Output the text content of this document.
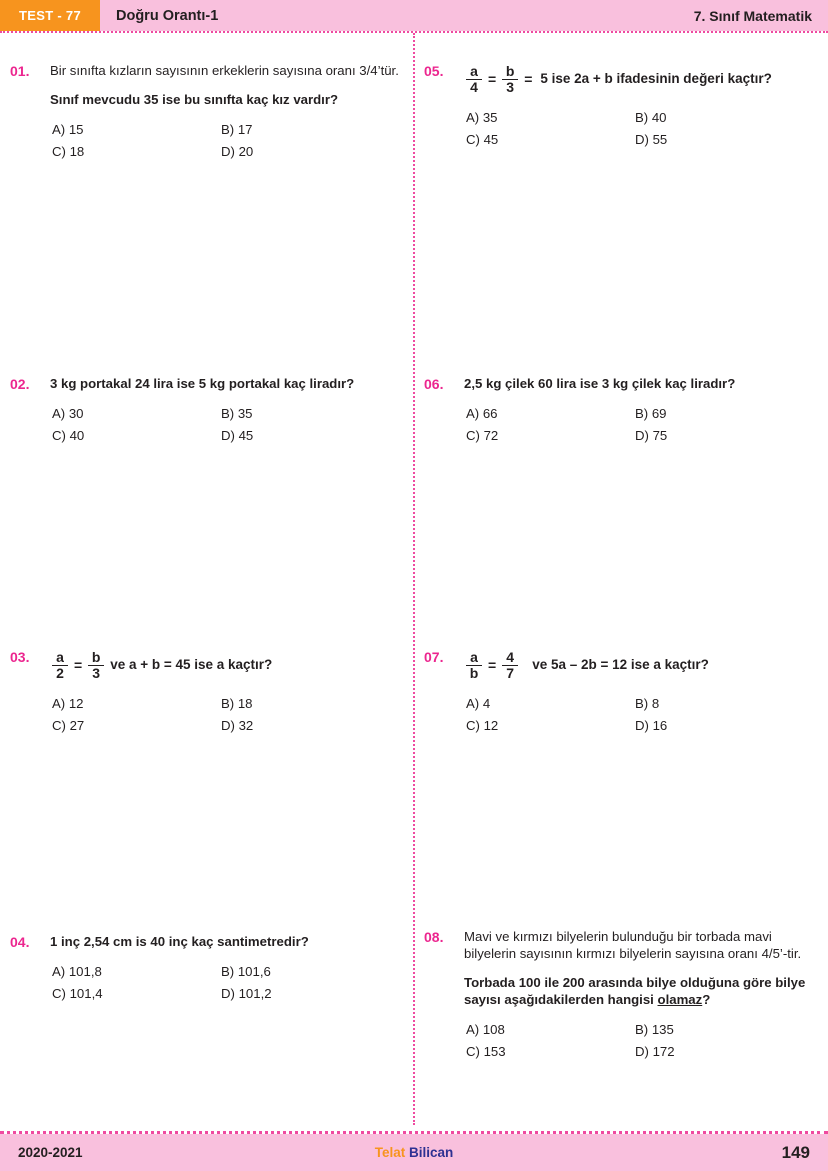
TEST - 77	Doğru Orantı-1	7. Sınıf Matematik
01.	Bir sınıfta kızların sayısının erkeklerin sayısına oranı 3/4’tür.
Sınıf mevcudu 35 ise bu sınıfta kaç kız vardır?
A) 15	B) 17
C) 18	D) 20
02.	3 kg portakal 24 lira ise 5 kg portakal kaç liradır?
A) 30	B) 35
C) 40	D) 45
03.	$\frac{a}{2} = \frac{b}{3}$ ve a + b = 45 ise a kaçtır?
A) 12	B) 18
C) 27	D) 32
04.	1 inç 2,54 cm is 40 inç kaç santimetredir?
A) 101,8	B) 101,6
C) 101,4	D) 101,2
05.	$\frac{a}{4} = \frac{b}{3} = 5$ ise 2a + b ifadesinin değeri kaçtır?
A) 35	B) 40
C) 45	D) 55
06.	2,5 kg çilek 60 lira ise 3 kg çilek kaç liradır?
A) 66	B) 69
C) 72	D) 75
07.	$\frac{a}{b} = \frac{4}{7}$ ve 5a – 2b = 12 ise a kaçtır?
A) 4	B) 8
C) 12	D) 16
08.	Mavi ve kırmızı bilyelerin bulunduğu bir torbada mavi bilyelerin sayısının kırmızı bilyelerin sayısına oranı 4/5’-tir.
Torbada 100 ile 200 arasında bilye olduğuna göre bilye sayısı aşağıdakilerden hangisi olamaz?
A) 108	B) 135
C) 153	D) 172
2020-2021	Telat Bilican	149
